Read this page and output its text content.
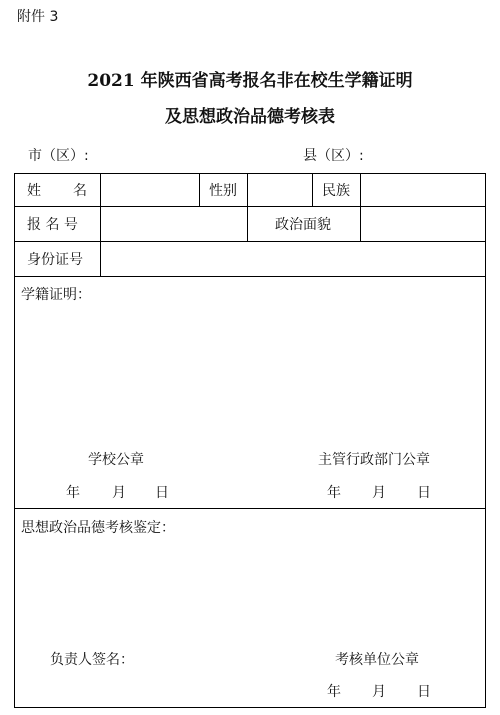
附件 3
2021 年陕西省高考报名非在校生学籍证明
及思想政治品德考核表
市（区）:	县（区）:
姓 名	性别	民族
报 名 号	政治面貌
身份证号
学籍证明：
学校公章	主管行政部门公章
年 月 日	年 月 日
思想政治品德考核鉴定：
负责人签名：	考核单位公章
年 月 日
